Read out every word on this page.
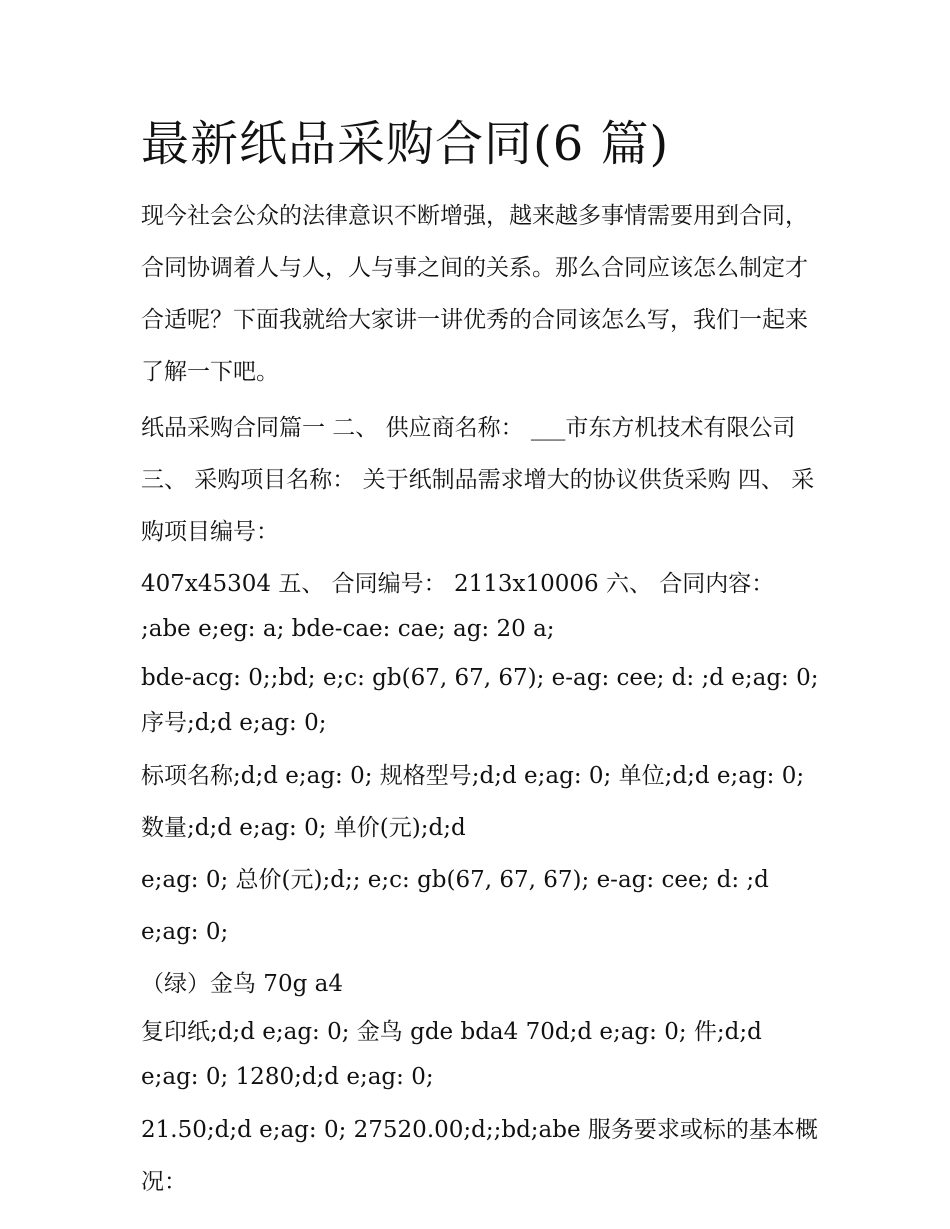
最新纸品采购合同(6 篇)

现今社会公众的法律意识不断增强，越来越多事情需要用到合同，合同协调着人与人，人与事之间的关系。那么合同应该怎么制定才合适呢？下面我就给大家讲一讲优秀的合同该怎么写，我们一起来了解一下吧。

纸品采购合同篇一 二、 供应商名称： ___市东方机技术有限公司 三、 采购项目名称： 关于纸制品需求增大的协议供货采购 四、 采购项目编号：

407x45304 五、 合同编号： 2113x10006 六、 合同内容： ;abe e;eg: a; bde-cae: cae; ag: 20 a;

bde-acg: 0;;bd; e;c: gb(67, 67, 67); e-ag: cee; d: ;d e;ag: 0; 序号;d;d e;ag: 0;

标项名称;d;d e;ag: 0; 规格型号;d;d e;ag: 0; 单位;d;d e;ag: 0; 数量;d;d e;ag: 0; 单价(元);d;d

e;ag: 0; 总价(元);d;; e;c: gb(67, 67, 67); e-ag: cee; d: ;d e;ag: 0;

（绿）金鸟 70g a4

复印纸;d;d e;ag: 0; 金鸟 gde bda4 70d;d e;ag: 0; 件;d;d e;ag: 0; 1280;d;d e;ag: 0;

21.50;d;d e;ag: 0; 27520.00;d;;bd;abe 服务要求或标的基本概况：
